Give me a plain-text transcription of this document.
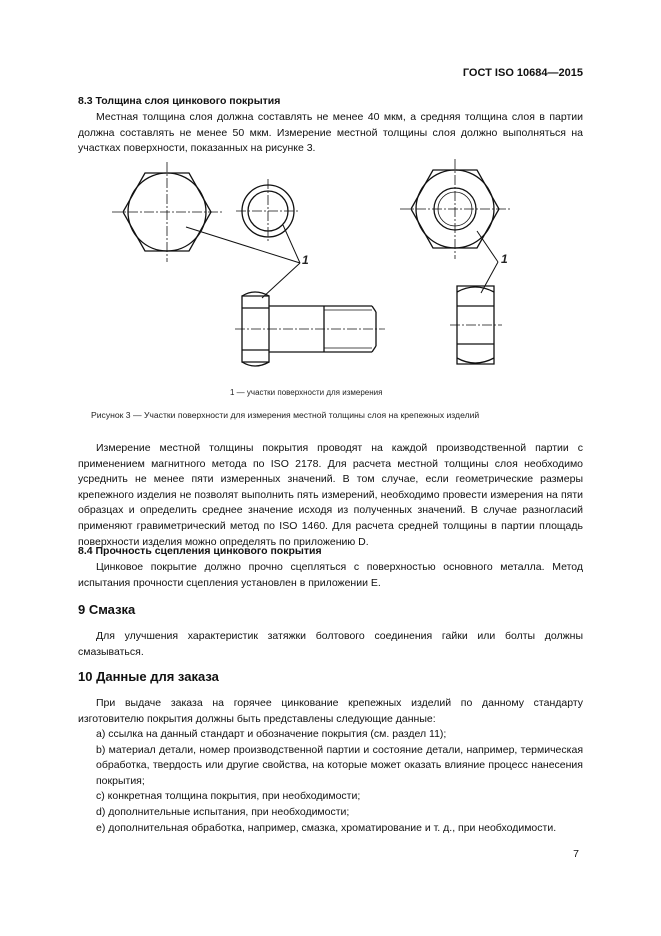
ГОСТ ISO 10684—2015
8.3 Толщина слоя цинкового покрытия

Местная толщина слоя должна составлять не менее 40 мкм, а средняя толщина слоя в партии должна составлять не менее 50 мкм. Измерение местной толщины слоя должно выполняться на участках поверхности, показанных на рисунке 3.

1	1
1 — участки поверхности для измерения
Рисунок 3 — Участки поверхности для измерения местной толщины слоя на крепежных изделий

Измерение местной толщины покрытия проводят на каждой производственной партии с применением магнитного метода по ISO 2178. Для расчета местной толщины слоя необходимо усреднить не менее пяти измеренных значений. В том случае, если геометрические размеры крепежного изделия не позволят выполнить пять измерений, необходимо провести измерения на пяти образцах и определить среднее значение исходя из полученных значений. В случае разногласий применяют гравиметрический метод по ISO 1460. Для расчета средней толщины в партии площадь поверхности изделия можно определять по приложению D.

8.4 Прочность сцепления цинкового покрытия

Цинковое покрытие должно прочно сцепляться с поверхностью основного металла. Метод испытания прочности сцепления установлен в приложении E.

9 Смазка

Для улучшения характеристик затяжки болтового соединения гайки или болты должны смазываться.

10 Данные для заказа

При выдаче заказа на горячее цинкование крепежных изделий по данному стандарту изготовителю покрытия должны быть представлены следующие данные:

a) ссылка на данный стандарт и обозначение покрытия (см. раздел 11);
b) материал детали, номер производственной партии и состояние детали, например, термическая обработка, твердость или другие свойства, на которые может оказать влияние процесс нанесения покрытия;
c) конкретная толщина покрытия, при необходимости;
d) дополнительные испытания, при необходимости;
e) дополнительная обработка, например, смазка, хроматирование и т. д., при необходимости.
7
